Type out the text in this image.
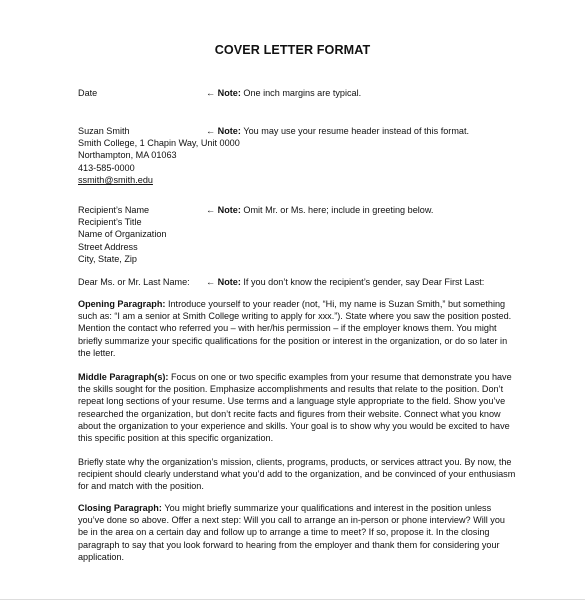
COVER LETTER FORMAT
Date	← Note: One inch margins are typical.
Suzan Smith
Smith College, 1 Chapin Way, Unit 0000
Northampton, MA 01063
413-585-0000
ssmith@smith.edu
← Note: You may use your resume header instead of this format.
Recipient’s Name
Recipient’s Title
Name of Organization
Street Address
City, State, Zip
← Note: Omit Mr. or Ms. here; include in greeting below.
Dear Ms. or Mr. Last Name: ← Note: If you don’t know the recipient’s gender, say Dear First Last:
Opening Paragraph: Introduce yourself to your reader (not, “Hi, my name is Suzan Smith,” but something such as: “I am a senior at Smith College writing to apply for xxx.”). State where you saw the position posted. Mention the contact who referred you – with her/his permission – if the employer knows them. You might briefly summarize your specific qualifications for the position or interest in the organization, or do so later in the letter.
Middle Paragraph(s): Focus on one or two specific examples from your resume that demonstrate you have the skills sought for the position. Emphasize accomplishments and results that relate to the position. Don’t repeat long sections of your resume. Use terms and a language style appropriate to the field. Show you’ve researched the organization, but don’t recite facts and figures from their website. Connect what you know about the organization to your experience and skills. Your goal is to show why you would be excited to have this specific position at this specific organization.
Briefly state why the organization’s mission, clients, programs, products, or services attract you. By now, the recipient should clearly understand what you’d add to the organization, and be convinced of your enthusiasm for and match with the position.
Closing Paragraph: You might briefly summarize your qualifications and interest in the position unless you’ve done so above. Offer a next step: Will you call to arrange an in-person or phone interview? Will you be in the area on a certain day and follow up to arrange a time to meet? If so, propose it. In the closing paragraph to say that you look forward to hearing from the employer and thank them for considering your application.
